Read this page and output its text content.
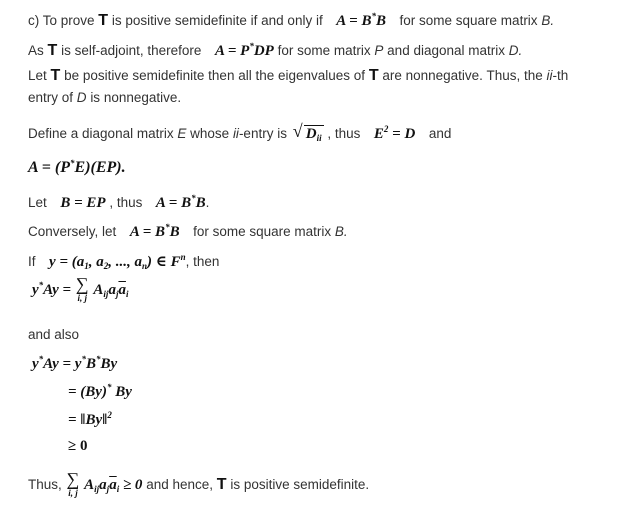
c) To prove T is positive semidefinite if and only if A = B*B for some square matrix B.
As T is self-adjoint, therefore A = P*DP for some matrix P and diagonal matrix D.
Let T be positive semidefinite then all the eigenvalues of T are nonnegative. Thus, the ii-th
entry of D is nonnegative.
Define a diagonal matrix E whose ii-entry is √ $D_{ii}$ , thus $E^2 = D$ and
A = (P*E)(EP).
Let B = EP , thus A = B*B.
Conversely, let A = B*B for some square matrix B.
If $y = (a_1$, $a_2$, ..., $a_n$) ∈ $F^n$, then
y*Ay = ∑
i, j
$A_{ij}a_j\overline{a}_i$
and also
y*Ay = y*B*By
= (By)* By
= ‖By‖$^2$
≥ 0
Thus, ∑
i, j
$A_{ij}a_j\overline{a}_i \ge 0$ and hence, T is positive semidefinite.
